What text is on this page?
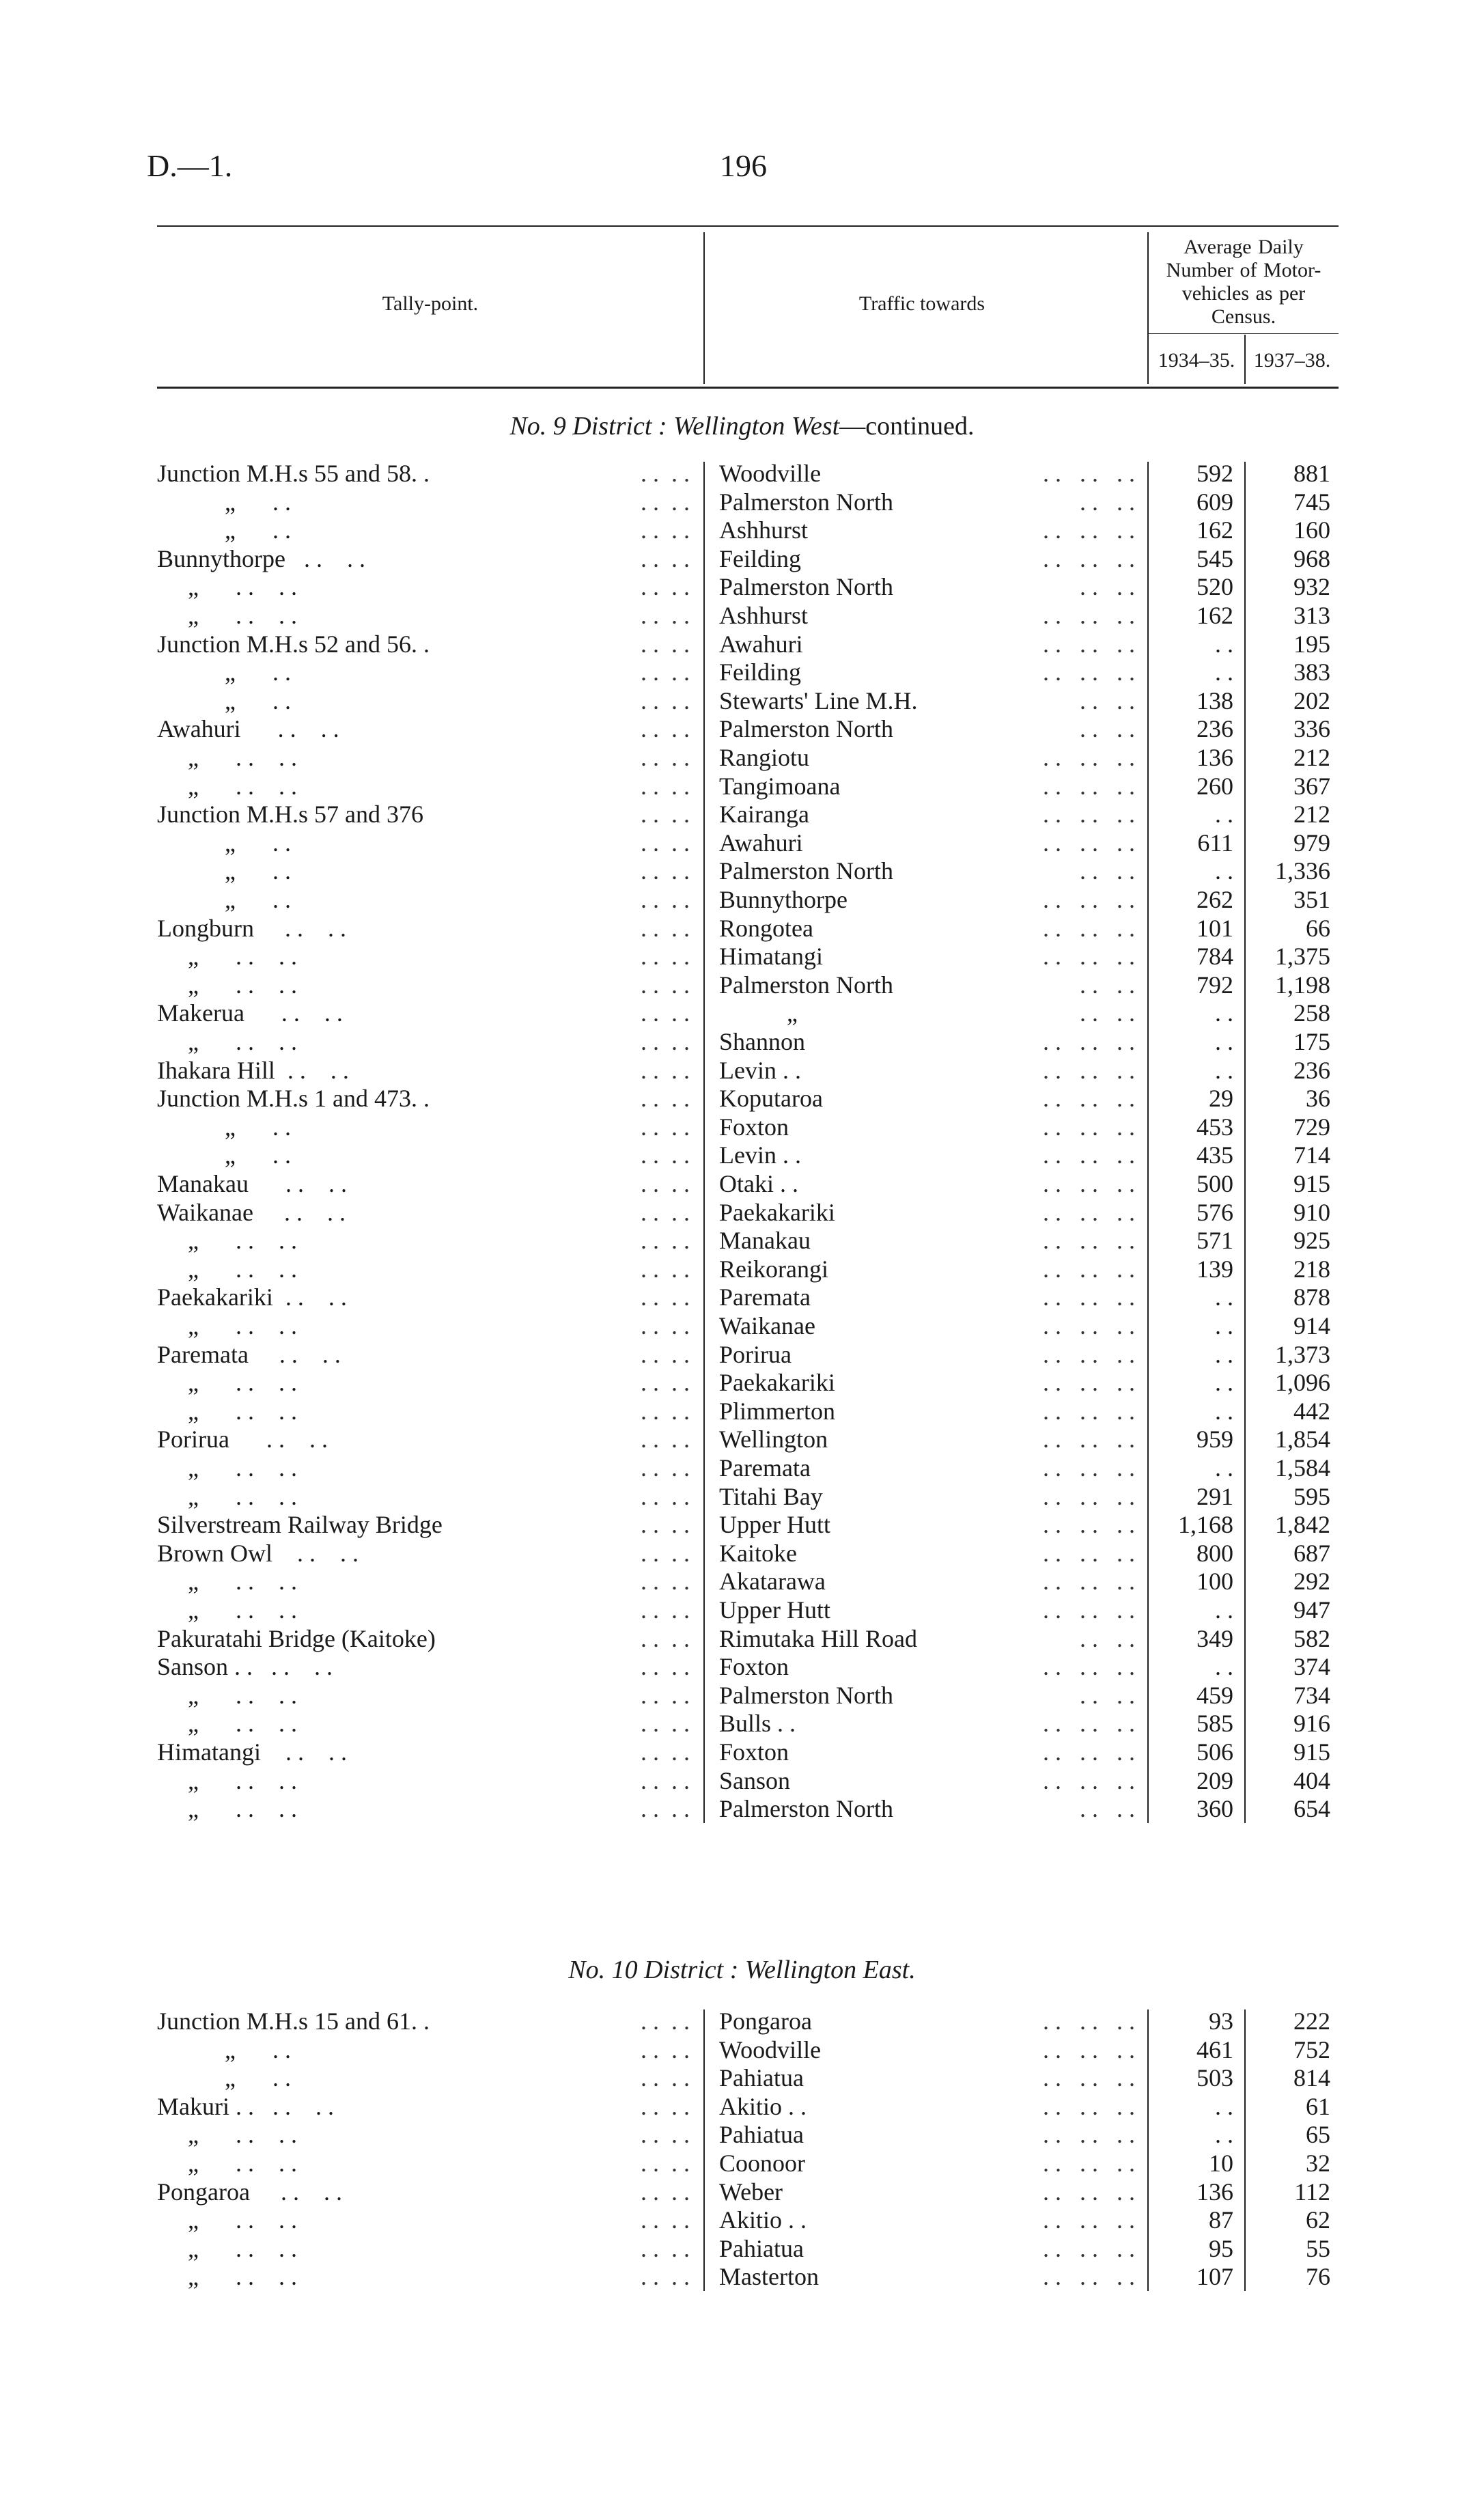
D.—1.	196
Tally-point.	Traffic towards
Average Daily Number of Motor-vehicles as per Census.
1934–35. 1937–38.
No. 9 District : Wellington West—continued.
Junction M.H.s 55 and 58. .	. .  . . Woodville	. .   . .   . .	592	881
„      . .	. .  . . Palmerston North	. .   . .	609	745
„      . .	. .  . . Ashhurst	. .   . .   . .	162	160
Bunnythorpe   . .    . .	. .  . . Feilding	. .   . .   . .	545	968
„      . .    . .	. .  . . Palmerston North	. .   . .	520	932
„      . .    . .	. .  . . Ashhurst	. .   . .   . .	162	313
Junction M.H.s 52 and 56. .	. .  . . Awahuri	. .   . .   . .	. .	195
„      . .	. .  . . Feilding	. .   . .   . .	. .	383
„      . .	. .  . . Stewarts' Line M.H.	. .   . .	138	202
Awahuri      . .    . .	. .  . . Palmerston North	. .   . .	236	336
„      . .    . .	. .  . . Rangiotu	. .   . .   . .	136	212
„      . .    . .	. .  . . Tangimoana	. .   . .   . .	260	367
Junction M.H.s 57 and 376	. .  . . Kairanga	. .   . .   . .	. .	212
„      . .	. .  . . Awahuri	. .   . .   . .	611	979
„      . .	. .  . . Palmerston North	. .   . .	. .	1,336
„      . .	. .  . . Bunnythorpe	. .   . .   . .	262	351
Longburn     . .    . .	. .  . . Rongotea	. .   . .   . .	101	66
„      . .    . .	. .  . . Himatangi	. .   . .   . .	784	1,375
„      . .    . .	. .  . . Palmerston North	. .   . .	792	1,198
Makerua      . .    . .	. .  . . „	. .   . .	. .	258
„      . .    . .	. .  . . Shannon	. .   . .   . .	. .	175
Ihakara Hill  . .    . .	. .  . . Levin . .	. .   . .   . .	. .	236
Junction M.H.s 1 and 473. .	. .  . . Koputaroa	. .   . .   . .	29	36
„      . .	. .  . . Foxton	. .   . .   . .	453	729
„      . .	. .  . . Levin . .	. .   . .   . .	435	714
Manakau      . .    . .	. .  . . Otaki . .	. .   . .   . .	500	915
Waikanae     . .    . .	. .  . . Paekakariki	. .   . .   . .	576	910
„      . .    . .	. .  . . Manakau	. .   . .   . .	571	925
„      . .    . .	. .  . . Reikorangi	. .   . .   . .	139	218
Paekakariki  . .    . .	. .  . . Paremata	. .   . .   . .	. .	878
„      . .    . .	. .  . . Waikanae	. .   . .   . .	. .	914
Paremata     . .    . .	. .  . . Porirua	. .   . .   . .	. .	1,373
„      . .    . .	. .  . . Paekakariki	. .   . .   . .	. .	1,096
„      . .    . .	. .  . . Plimmerton	. .   . .   . .	. .	442
Porirua      . .    . .	. .  . . Wellington	. .   . .   . .	959	1,854
„      . .    . .	. .  . . Paremata	. .   . .   . .	. .	1,584
„      . .    . .	. .  . . Titahi Bay	. .   . .   . .	291	595
Silverstream Railway Bridge	. .  . . Upper Hutt	. .   . .   . .	1,168	1,842
Brown Owl    . .    . .	. .  . . Kaitoke	. .   . .   . .	800	687
„      . .    . .	. .  . . Akatarawa	. .   . .   . .	100	292
„      . .    . .	. .  . . Upper Hutt	. .   . .   . .	. .	947
Pakuratahi Bridge (Kaitoke)	. .  . . Rimutaka Hill Road	. .   . .	349	582
Sanson . .   . .    . .	. .  . . Foxton	. .   . .   . .	. .	374
„      . .    . .	. .  . . Palmerston North	. .   . .	459	734
„      . .    . .	. .  . . Bulls . .	. .   . .   . .	585	916
Himatangi    . .    . .	. .  . . Foxton	. .   . .   . .	506	915
„      . .    . .	. .  . . Sanson	. .   . .   . .	209	404
„      . .    . .	. .  . . Palmerston North	. .   . .	360	654
No. 10 District : Wellington East.
Junction M.H.s 15 and 61. .	. .  . . Pongaroa	. .   . .   . .	93	222
„      . .	. .  . . Woodville	. .   . .   . .	461	752
„      . .	. .  . . Pahiatua	. .   . .   . .	503	814
Makuri . .   . .    . .	. .  . . Akitio . .	. .   . .   . .	. .	61
„      . .    . .	. .  . . Pahiatua	. .   . .   . .	. .	65
„      . .    . .	. .  . . Coonoor	. .   . .   . .	10	32
Pongaroa     . .    . .	. .  . . Weber	. .   . .   . .	136	112
„      . .    . .	. .  . . Akitio . .	. .   . .   . .	87	62
„      . .    . .	. .  . . Pahiatua	. .   . .   . .	95	55
„      . .    . .	. .  . . Masterton	. .   . .   . .	107	76
